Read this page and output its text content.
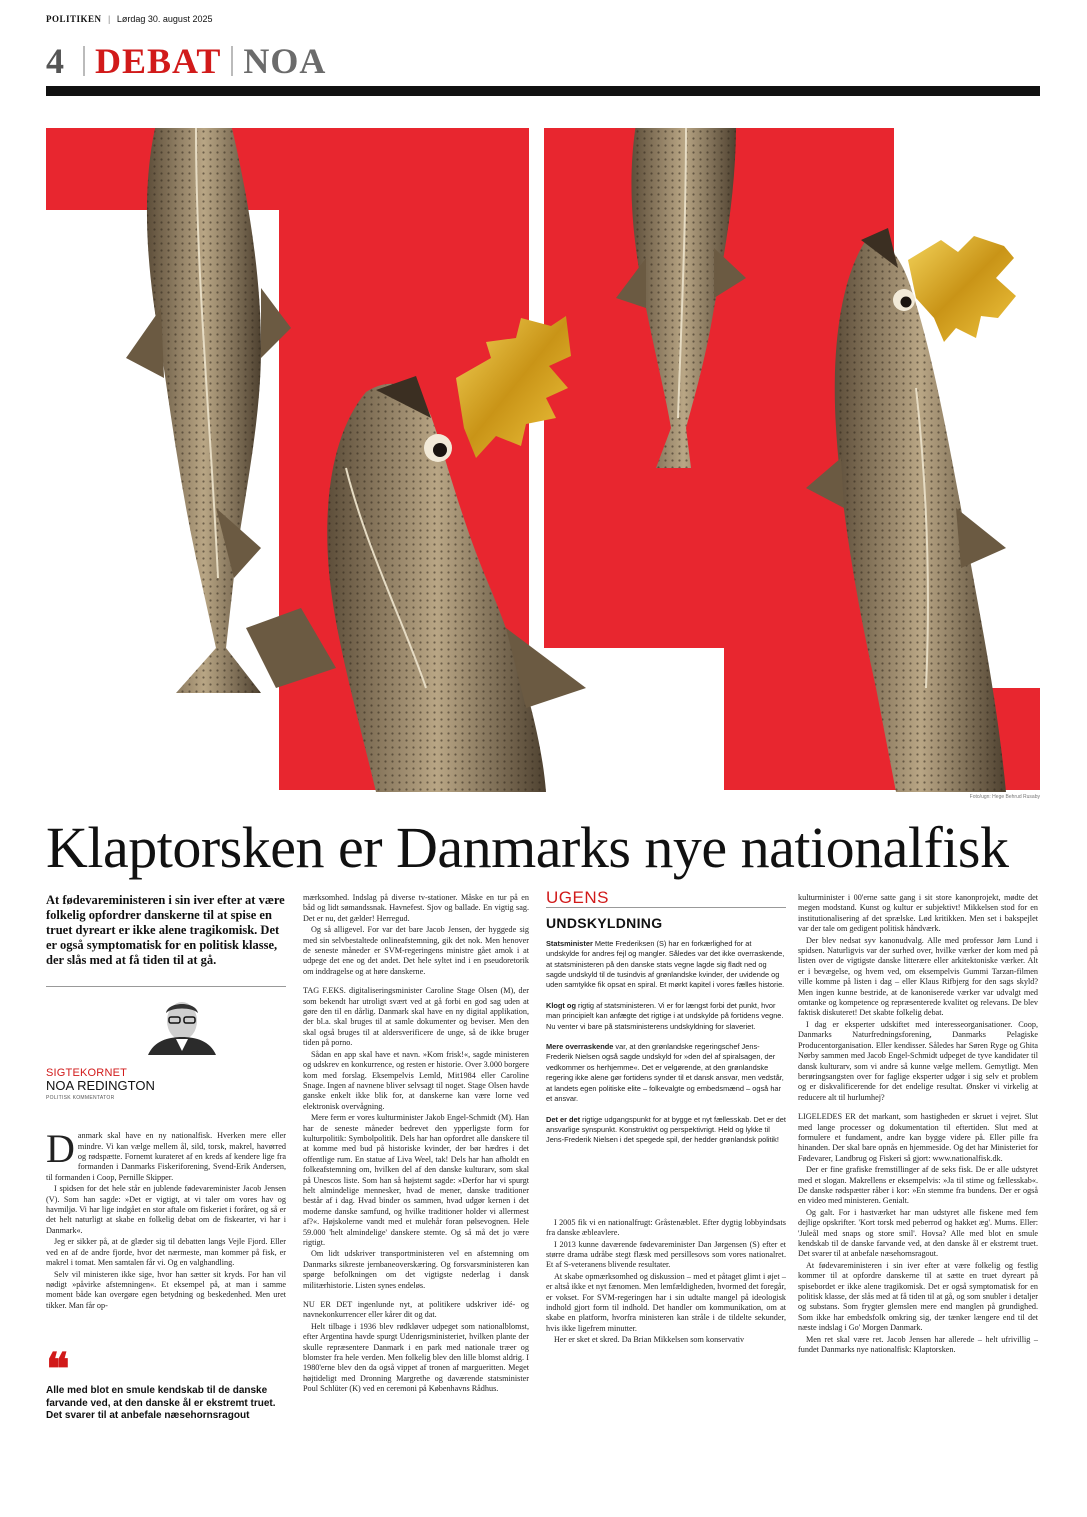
POLITIKEN | Lørdag 30. august 2025
4 DEBAT NOA
Foto/ugn: Hege Behrud Rusaby
Klaptorsken er Danmarks nye nationalfisk
At fødevareministeren i sin iver efter at være folkelig opfordrer danskerne til at spise en truet dyreart er ikke alene tragikomisk. Det er også symptomatisk for en politisk klasse, der slås med at få tiden til at gå.
SIGTEKORNET
NOA REDINGTON
POLITISK KOMMENTATOR

Danmark skal have en ny nationalfisk. Hverken mere eller mindre. Vi kan vælge mellem ål, sild, torsk, makrel, havørred og rødspætte. Fornemt kurateret af en kreds af kendere lige fra formanden i Danmarks Fiskeriforening, Svend-Erik Andersen, til formanden i Coop, Pernille Skipper.

I spidsen for det hele står en jublende fødevareminister Jacob Jensen (V). Som han sagde: »Det er vigtigt, at vi taler om vores hav og havmiljø. Vi har lige indgået en stor aftale om fiskeriet i foråret, og så er det helt naturligt at skabe en folkelig debat om de fiskearter, vi har i Danmark«.

Jeg er sikker på, at de glæder sig til debatten langs Vejle Fjord. Eller ved en af de andre fjorde, hvor det nærmeste, man kommer på fisk, er makrel i tomat. Men samtalen får vi. Og en valghandling.

Selv vil ministeren ikke sige, hvor han sætter sit kryds. For han vil nødigt »påvirke afstemningen«. Et eksempel på, at man i samme moment både kan overgøre egen betydning og beskedenhed. Men uret tikker. Man får op-

❝
Alle med blot en smule kendskab til de danske farvande ved, at den danske ål er ekstremt truet. Det svarer til at anbefale næsehornsragout

mærksomhed. Indslag på diverse tv-stationer. Måske en tur på en båd og lidt sømandssnak. Havnefest. Sjov og ballade. En vigtig sag. Det er nu, det gælder! Herregud.

Og så alligevel. For var det bare Jacob Jensen, der hyggede sig med sin selvbestaltede onlineafstemning, gik det nok. Men henover de seneste måneder er SVM-regeringens ministre gået amok i at udpege det ene og det andet. Det hele syltet ind i en pseudoretorik om inddragelse og at høre danskerne.

TAG F.EKS. digitaliseringsminister Caroline Stage Olsen (M), der som bekendt har utroligt svært ved at gå forbi en god sag uden at gøre den til en dårlig. Danmark skal have en ny digital applikation, der bl.a. skal bruges til at samle dokumenter og beviser. Men den skal også bruges til at aldersverificere de unge, så de ikke bruger tiden på porno.

Sådan en app skal have et navn. »Kom frisk!«, sagde ministeren og udskrev en konkurrence, og resten er historie. Over 3.000 borgere kom med forslag. Eksempelvis Lemld, Mit1984 eller Caroline Snage. Ingen af navnene bliver selvsagt til noget. Stage Olsen havde ganske enkelt ikke blik for, at danskerne kan være lorne ved elektronisk overvågning.

Mere ferm er vores kulturminister Jakob Engel-Schmidt (M). Han har de seneste måneder bedrevet den ypperligste form for kulturpolitik: Symbolpolitik. Dels har han opfordret alle danskere til at komme med bud på historiske kvinder, der bør hædres i det offentlige rum. En statue af Liva Weel, tak! Dels har han afholdt en folkeafstemning om, hvilken del af den danske kulturarv, som skal på Unescos liste. Som han så højstemt sagde: »Derfor har vi spurgt helt almindelige mennesker, hvad de mener, danske traditioner består af i dag. Hvad binder os sammen, hvad udgør kernen i det moderne danske samfund, og hvilke traditioner holder vi allermest af?«. Højskolerne vandt med et mulehår foran pølsevognen. Hele 59.000 'helt almindelige' danskere stemte. Og så må det jo være rigtigt.

Om lidt udskriver transportministeren vel en afstemning om Danmarks sikreste jernbaneoverskæring. Og forsvarsministeren kan spørge befolkningen om det vigtigste nederlag i dansk militærhistorie. Listen synes endeløs.

NU ER DET ingenlunde nyt, at politikere udskriver idé- og navnekonkurrencer eller kårer dit og dat.

Helt tilbage i 1936 blev rødkløver udpeget som nationalblomst, efter Argentina havde spurgt Udenrigsministeriet, hvilken plante der skulle repræsentere Danmark i en park med nationale træer og blomster fra hele verden. Men folkelig blev den lille blomst aldrig. I 1980'erne blev den da også vippet af tronen af margueritten. Meget højtideligt med Dronning Margrethe og daværende statsminister Poul Schlüter (K) ved en ceremoni på Københavns Rådhus.

UGENS
UNDSKYLDNING

Statsminister Mette Frederiksen (S) har en forkærlighed for at undskylde for andres fejl og mangler. Således var det ikke overraskende, at statsministeren på den danske stats vegne lagde sig fladt ned og sagde undskyld til de tusindvis af grønlandske kvinder, der uvidende og uden samtykke fik opsat en spiral. Et mørkt kapitel i vores fælles historie.

Klogt og rigtig af statsministeren. Vi er for længst forbi det punkt, hvor man principielt kan anfægte det rigtige i at undskylde på fortidens vegne. Nu venter vi bare på statsministerens undskyldning for slaveriet.

Mere overraskende var, at den grønlandske regeringschef Jens-Frederik Nielsen også sagde undskyld for »den del af spiralsagen, der vedkommer os herhjemme«. Det er velgørende, at den grønlandske regering ikke alene gør fortidens synder til et dansk ansvar, men vedstår, at landets egen politiske elite – folkevalgte og embedsmænd – også har et ansvar.

Det er det rigtige udgangspunkt for at bygge et nyt fællesskab. Det er det ansvarlige synspunkt. Konstruktivt og perspektivrigt. Held og lykke til Jens-Frederik Nielsen i det spegede spil, der hedder grønlandsk politik!

I 2005 fik vi en nationalfrugt: Gråstenæblet. Efter dygtig lobbyindsats fra danske æbleavlere.

I 2013 kunne daværende fødevareminister Dan Jørgensen (S) efter et større drama udråbe stegt flæsk med persillesovs som vores nationalret. Et af S-veteranens blivende resultater.

At skabe opmærksomhed og diskussion – med et påtaget glimt i øjet – er altså ikke et nyt fænomen. Men lemfældigheden, hvormed det foregår, er vokset. For SVM-regeringen har i sin udtalte mangel på ideologisk indhold gjort form til indhold. Det handler om kommunikation, om at skabe en platform, hvorfra ministeren kan stråle i de tildelte sekunder, hvis ikke ligefrem minutter.

Her er sket et skred. Da Brian Mikkelsen som konservativ

kulturminister i 00'erne satte gang i sit store kanonprojekt, mødte det megen modstand. Kunst og kultur er subjektivt! Mikkelsen stod for en institutionalisering af det sprælske. Lød kritikken. Men set i bakspejlet var der tale om gedigent politisk håndværk.

Der blev nedsat syv kanonudvalg. Alle med professor Jørn Lund i spidsen. Naturligvis var der surhed over, hvilke værker der kom med på listen over de vigtigste danske litterære eller arkitektoniske værker. Alt er i bevægelse, og hvem ved, om eksempelvis Gummi Tarzan-filmen ville komme på listen i dag – eller Klaus Rifbjerg for den sags skyld? Men ingen kunne bestride, at de kanoniserede værker var udvalgt med omtanke og kompetence og repræsenterede kvalitet og relevans. De blev faktisk diskuteret! Det skabte folkelig debat.

I dag er eksperter udskiftet med interesseorganisationer. Coop, Danmarks Naturfredningsforening, Danmarks Pelagiske Producentorganisation. Eller kendisser. Således har Søren Ryge og Ghita Nørby sammen med Jacob Engel-Schmidt udpeget de tyve kandidater til dansk kulturarv, som vi andre så kunne vælge mellem. Gemytligt. Men berøringsangsten over for faglige eksperter udgør i sig selv et problem og er diskvalificerende for det endelige resultat. Ønsker vi virkelig at reducere alt til hurlumhej?

LIGELEDES ER det markant, som hastigheden er skruet i vejret. Slut med lange processer og dokumentation til eftertiden. Slut med at formulere et fundament, andre kan bygge videre på. Eller pille fra hinanden. Der skal bare opnås en hjemmeside. Og det har Ministeriet for Fødevarer, Landbrug og Fiskeri så gjort: www.nationalfisk.dk.

Der er fine grafiske fremstillinger af de seks fisk. De er alle udstyret med et slogan. Makrellens er eksempelvis: »Ja til stime og fællesskab«. De danske rødspætter råber i kor: »En stemme fra bundens. Der er også en video med ministeren. Genialt.

Og galt. For i hastværket har man udstyret alle fiskene med fem dejlige opskrifter. 'Kort torsk med peberrod og hakket æg'. Mums. Eller: 'Juleål med snaps og store smil'. Hovsa? Alle med blot en smule kendskab til de danske farvande ved, at den danske ål er ekstremt truet. Det svarer til at anbefale næsehornsragout.

At fødevareministeren i sin iver efter at være folkelig og festlig kommer til at opfordre danskerne til at sætte en truet dyreart på spisebordet er ikke alene tragikomisk. Det er også symptomatisk for en politisk klasse, der slås med at få tiden til at gå, og som snubler i detaljer og substans. Som frygter glemslen mere end manglen på grundighed. Som ikke har embedsfolk omkring sig, der tænker længere end til det næste indslag i Go' Morgen Danmark.

Men ret skal være ret. Jacob Jensen har allerede – helt ufrivillig – fundet Danmarks nye nationalfisk: Klaptorsken.
